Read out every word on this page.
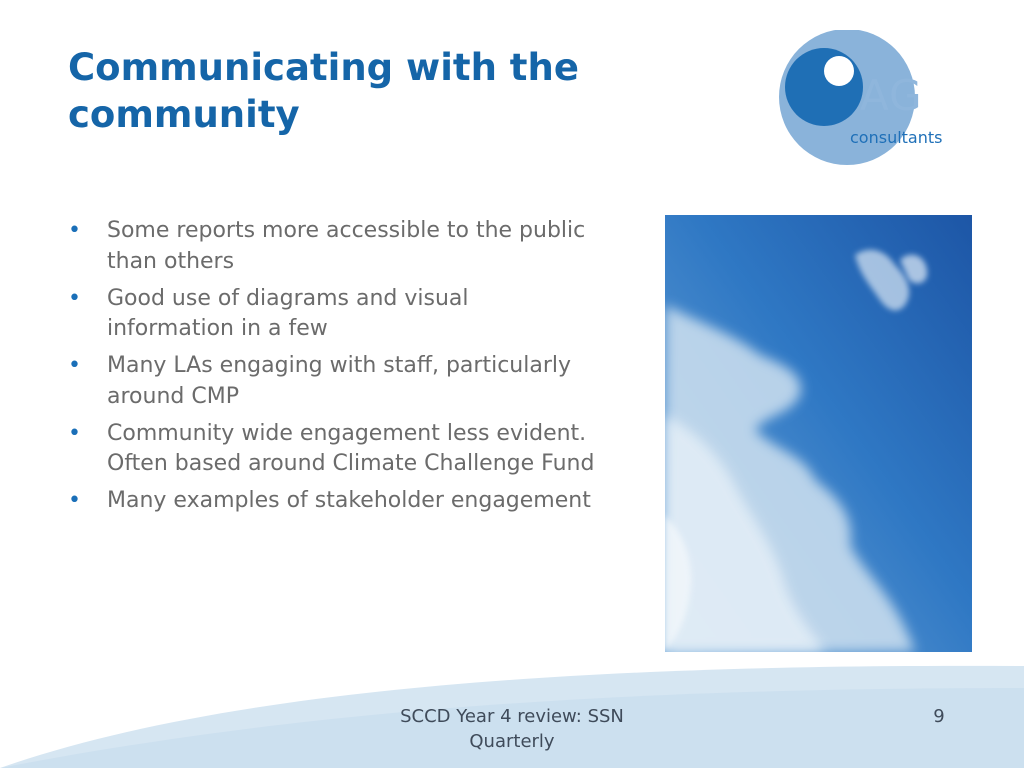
Communicating with the community	AG
consultants
• Some reports more accessible to the public than others
• Good use of diagrams and visual information in a few
• Many LAs engaging with staff, particularly around CMP
• Community wide engagement less evident. Often based around Climate Challenge Fund
• Many examples of stakeholder engagement
SCCD Year 4 review: SSN Quarterly
9
